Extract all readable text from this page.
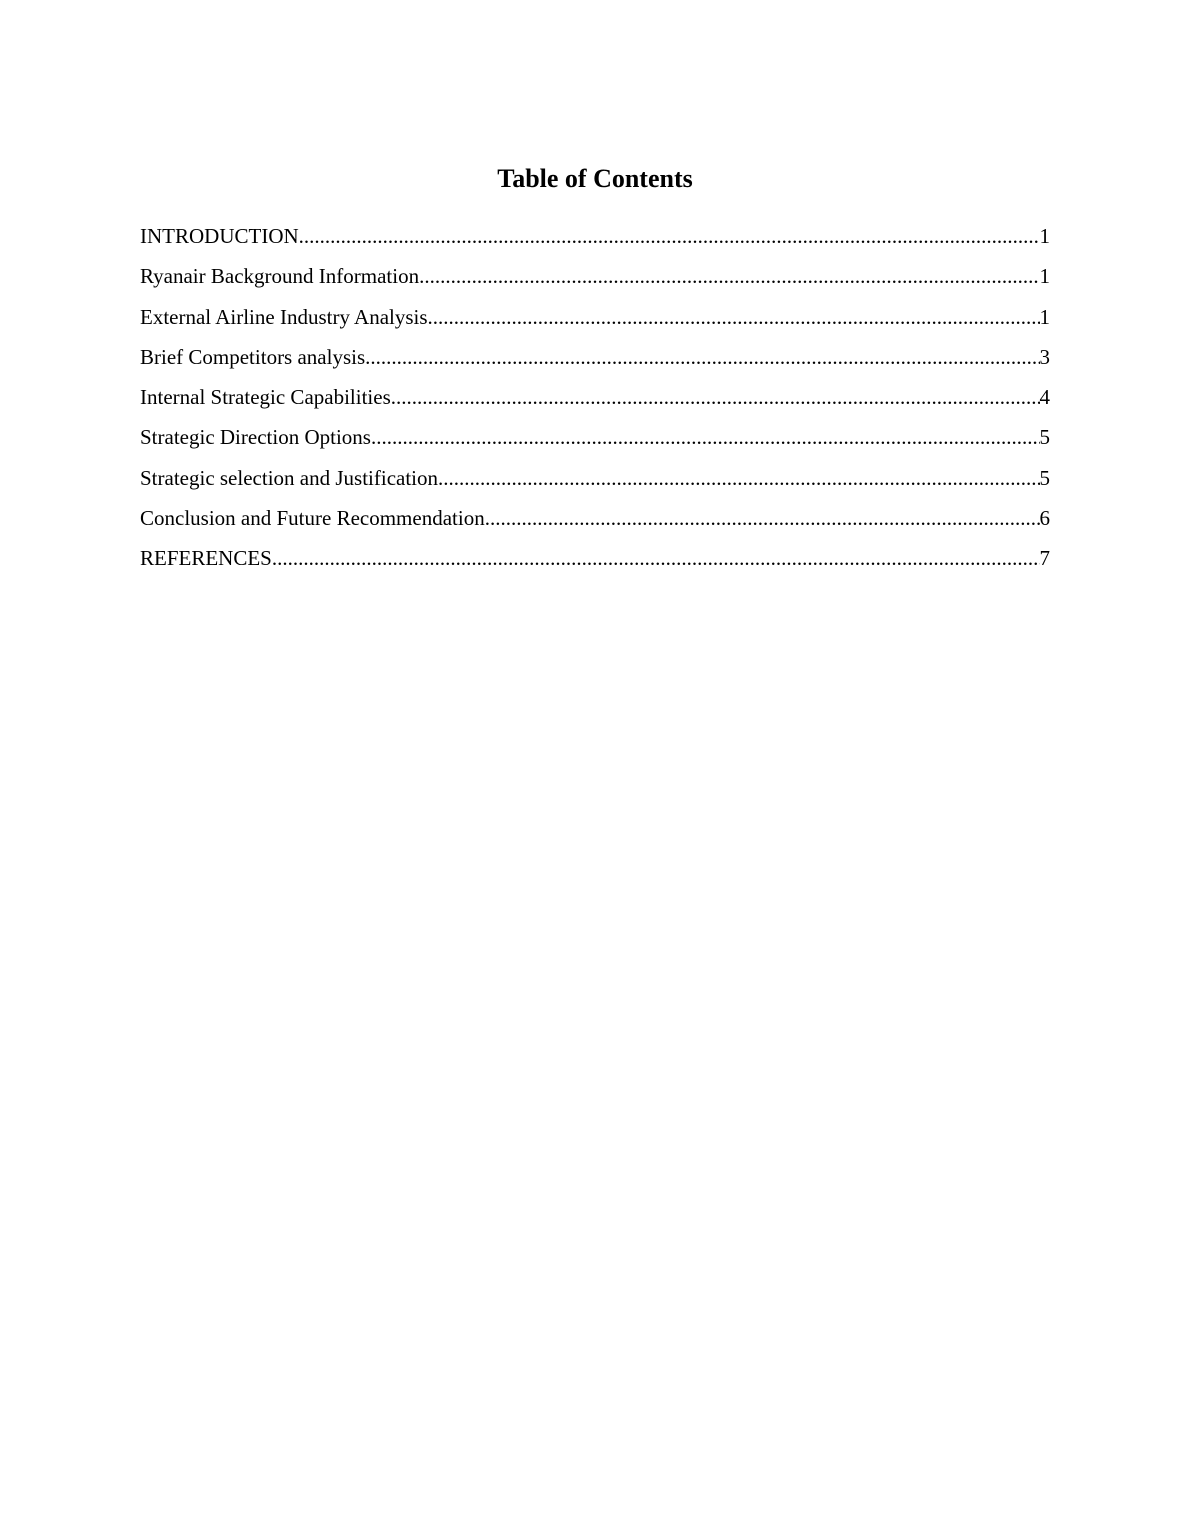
Table of Contents
INTRODUCTION .....	1
Ryanair Background Information .....	1
External Airline Industry Analysis .....	1
Brief Competitors analysis .....	3
Internal Strategic Capabilities .....	4
Strategic Direction Options .....	5
Strategic selection and Justification .....	5
Conclusion and Future Recommendation .....	6
REFERENCES .....	7
